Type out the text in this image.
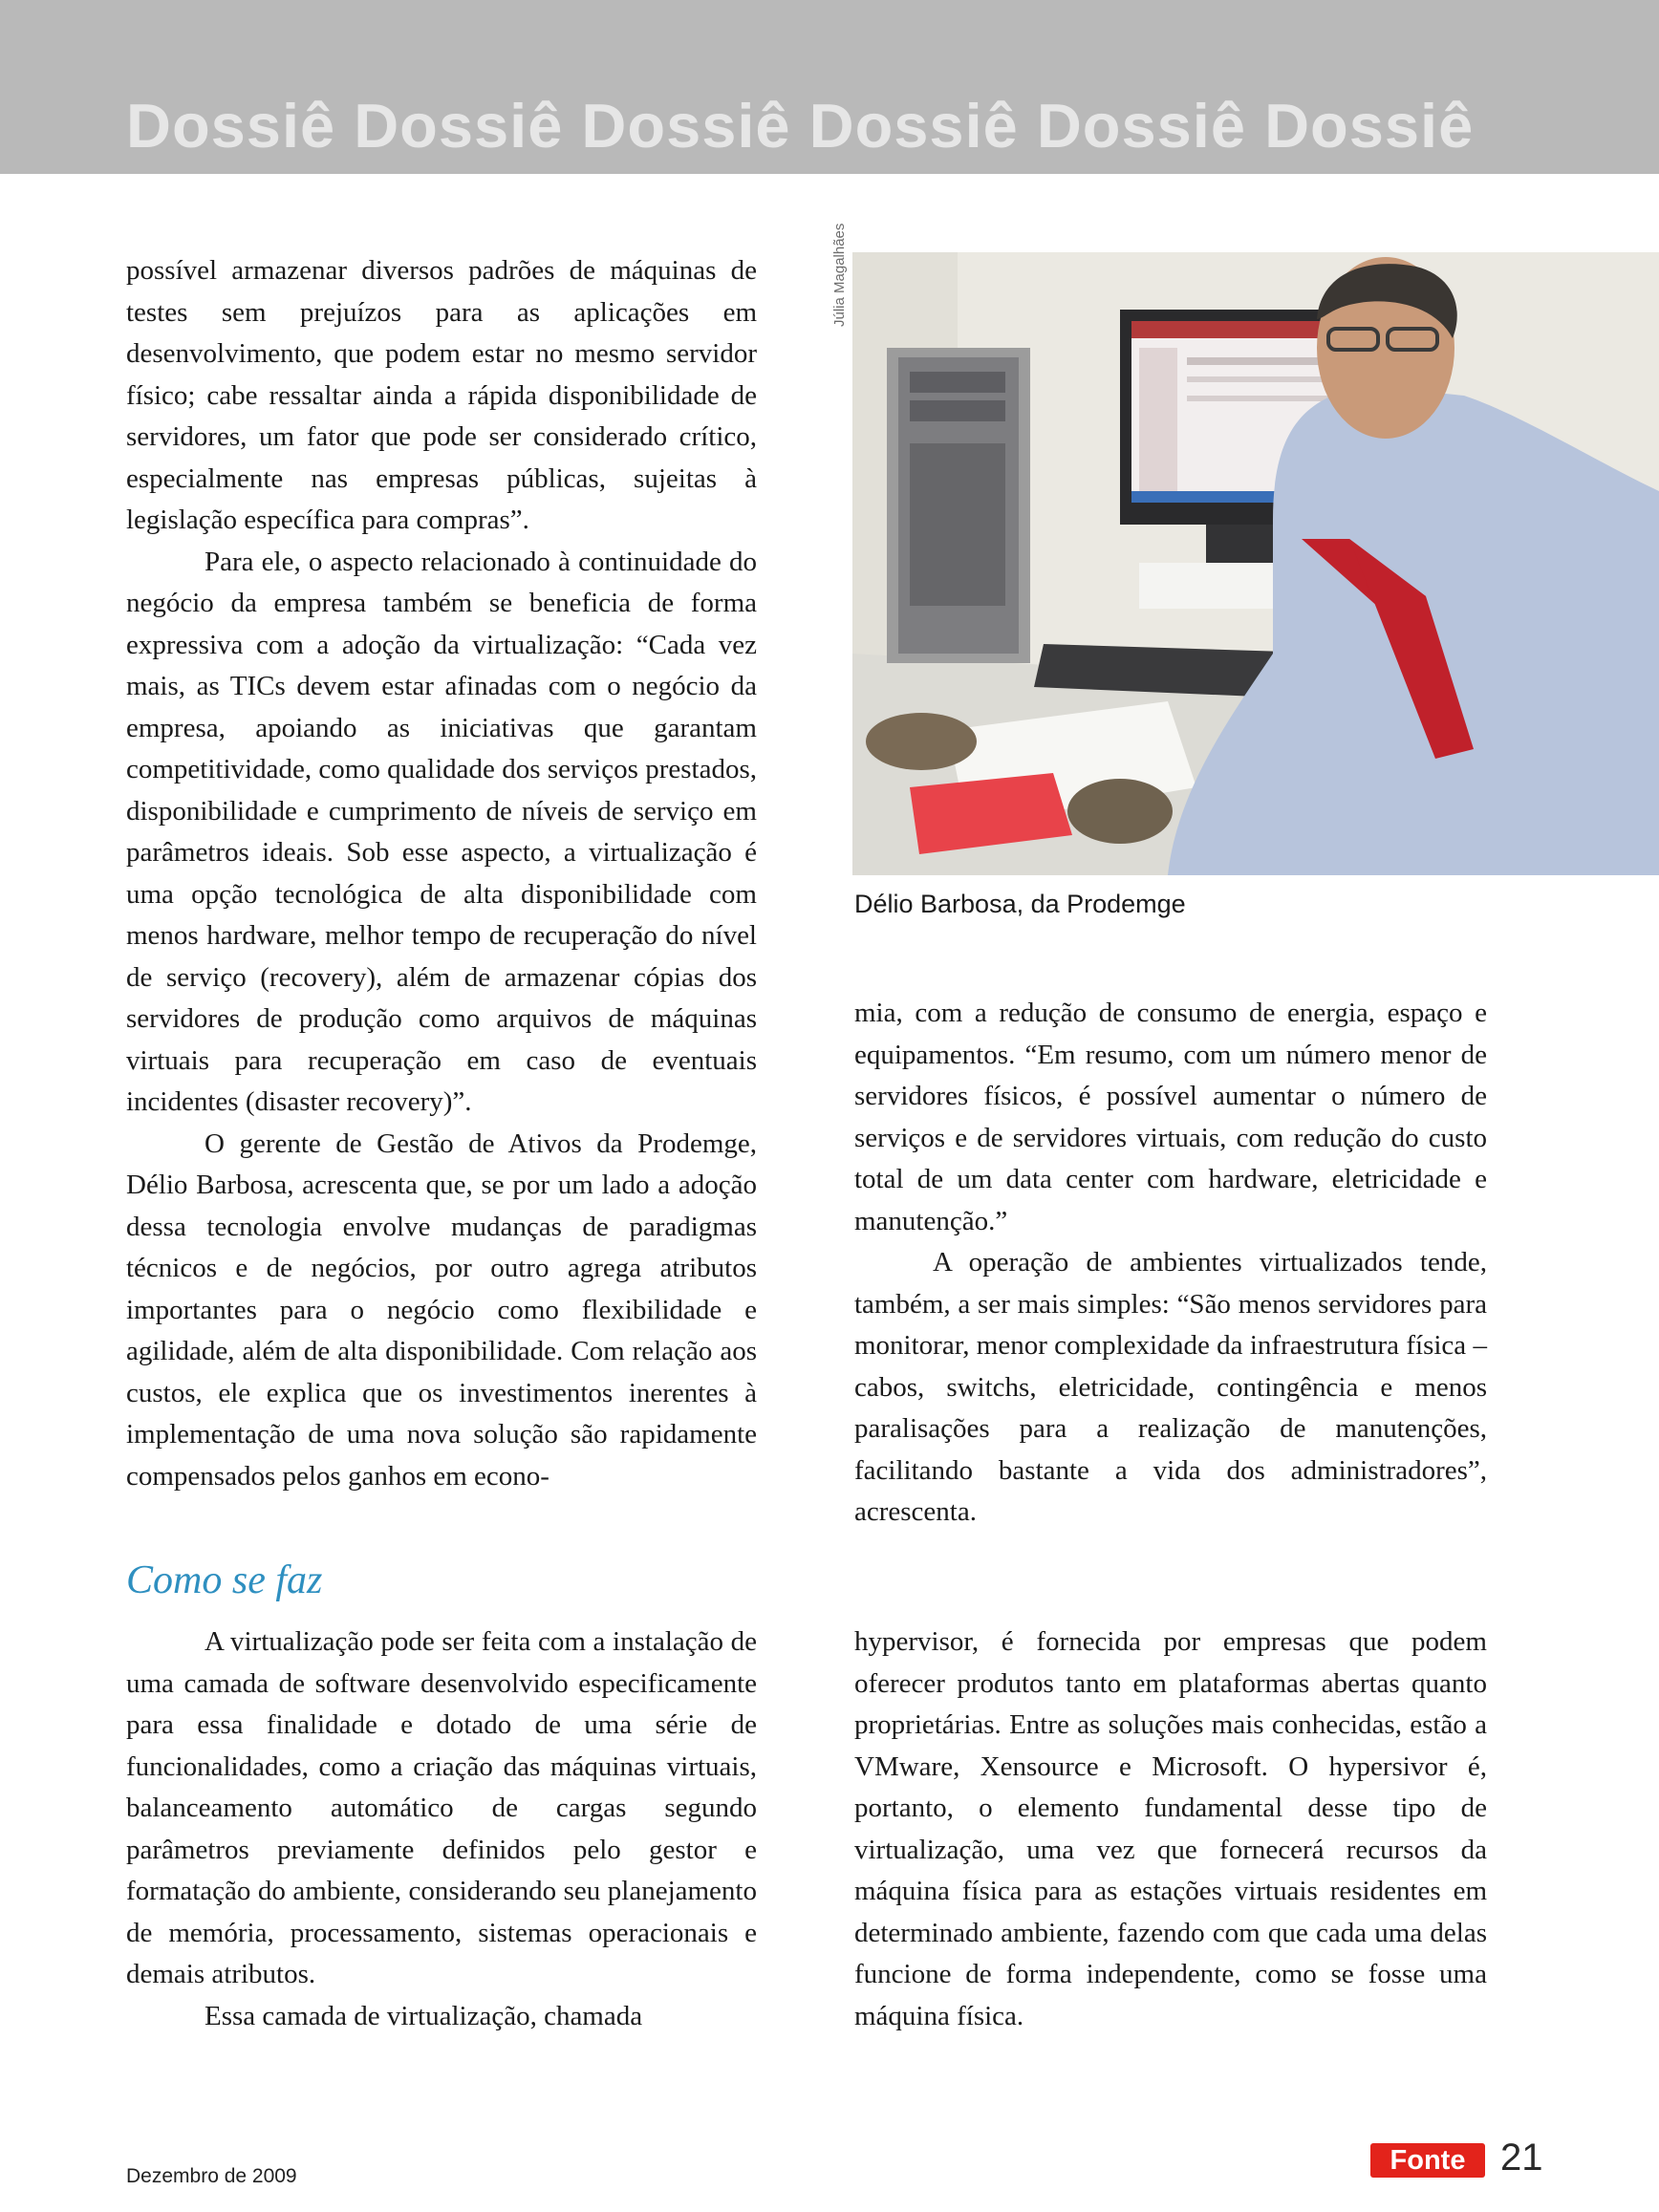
Dossiê Dossiê Dossiê Dossiê Dossiê Dossiê

possível armazenar diversos padrões de máquinas de testes sem prejuízos para as aplicações em desenvolvimento, que podem estar no mesmo servidor físico; cabe ressaltar ainda a rápida disponibilidade de servidores, um fator que pode ser considerado crítico, especialmente nas empresas públicas, sujeitas à legislação específica para compras”.

Para ele, o aspecto relacionado à continuidade do negócio da empresa também se beneficia de forma expressiva com a adoção da virtualização: “Cada vez mais, as TICs devem estar afinadas com o negócio da empresa, apoiando as iniciativas que garantam competitividade, como qualidade dos serviços prestados, disponibilidade e cumprimento de níveis de serviço em parâmetros ideais. Sob esse aspecto, a virtualização é uma opção tecnológica de alta disponibilidade com menos hardware, melhor tempo de recuperação do nível de serviço (recovery), além de armazenar cópias dos servidores de produção como arquivos de máquinas virtuais para recuperação em caso de eventuais incidentes (disaster recovery)”.

O gerente de Gestão de Ativos da Prodemge, Délio Barbosa, acrescenta que, se por um lado a adoção dessa tecnologia envolve mudanças de paradigmas técnicos e de negócios, por outro agrega atributos importantes para o negócio como flexibilidade e agilidade, além de alta disponibilidade. Com relação aos custos, ele explica que os investimentos inerentes à implementação de uma nova solução são rapidamente compensados pelos ganhos em econo-

Júlia Magalhães
Délio Barbosa, da Prodemge

mia, com a redução de consumo de energia, espaço e equipamentos. “Em resumo, com um número menor de servidores físicos, é possível aumentar o número de serviços e de servidores virtuais, com redução do custo total de um data center com hardware, eletricidade e manutenção.”

A operação de ambientes virtualizados tende, também, a ser mais simples: “São menos servidores para monitorar, menor complexidade da infraestrutura física – cabos, switchs, eletricidade, contingência e menos paralisações para a realização de manutenções, facilitando bastante a vida dos administradores”, acrescenta.

Como se faz

A virtualização pode ser feita com a instalação de uma camada de software desenvolvido especificamente para essa finalidade e dotado de uma série de funcionalidades, como a criação das máquinas virtuais, balanceamento automático de cargas segundo parâmetros previamente definidos pelo gestor e formatação do ambiente, considerando seu planejamento de memória, processamento, sistemas operacionais e demais atributos.

Essa camada de virtualização, chamada

hypervisor, é fornecida por empresas que podem oferecer produtos tanto em plataformas abertas quanto proprietárias. Entre as soluções mais conhecidas, estão a VMware, Xensource e Microsoft. O hypersivor é, portanto, o elemento fundamental desse tipo de virtualização, uma vez que fornecerá recursos da máquina física para as estações virtuais residentes em determinado ambiente, fazendo com que cada uma delas funcione de forma independente, como se fosse uma máquina física.

Dezembro de 2009
Fonte 21
